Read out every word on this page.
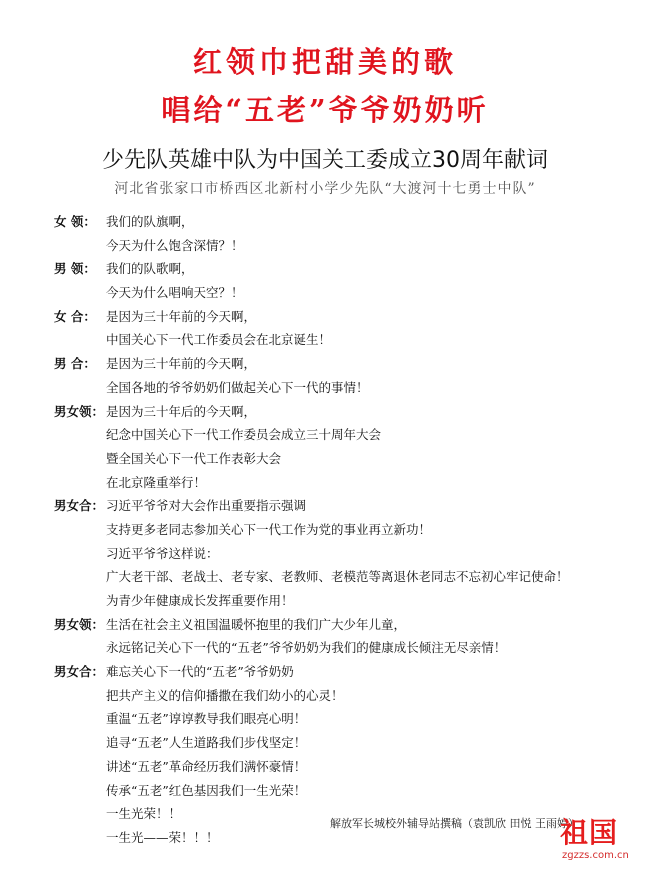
红领巾把甜美的歌
唱给“五老”爷爷奶奶听
少先队英雄中队为中国关工委成立30周年献词
河北省张家口市桥西区北新村小学少先队“大渡河十七勇士中队”
女 领： 我们的队旗啊，
今天为什么饱含深情？！
男 领： 我们的队歌啊，
今天为什么唱响天空？！
女 合： 是因为三十年前的今天啊，
中国关心下一代工作委员会在北京诞生！
男 合： 是因为三十年前的今天啊，
全国各地的爷爷奶奶们做起关心下一代的事情！
男女领： 是因为三十年后的今天啊，
纪念中国关心下一代工作委员会成立三十周年大会
暨全国关心下一代工作表彰大会
在北京隆重举行！
男女合： 习近平爷爷对大会作出重要指示强调
支持更多老同志参加关心下一代工作为党的事业再立新功！
习近平爷爷这样说：
广大老干部、老战士、老专家、老教师、老模范等离退休老同志不忘初心牢记使命！
为青少年健康成长发挥重要作用！
男女领： 生活在社会主义祖国温暖怀抱里的我们广大少年儿童，
永远铭记关心下一代的“五老”爷爷奶奶为我们的健康成长倾注无尽亲情！
男女合： 难忘关心下一代的“五老”爷爷奶奶
把共产主义的信仰播撒在我们幼小的心灵！
重温“五老”谆谆教导我们眼亮心明！
追寻“五老”人生道路我们步伐坚定！
讲述“五老”革命经历我们满怀豪情！
传承“五老”红色基因我们一生光荣！
一生光荣！！
一生光——荣！！！
解放军长城校外辅导站撰稿（袁凯欣 田悦 王雨婷）
祖国
zgzzs.com.cn
